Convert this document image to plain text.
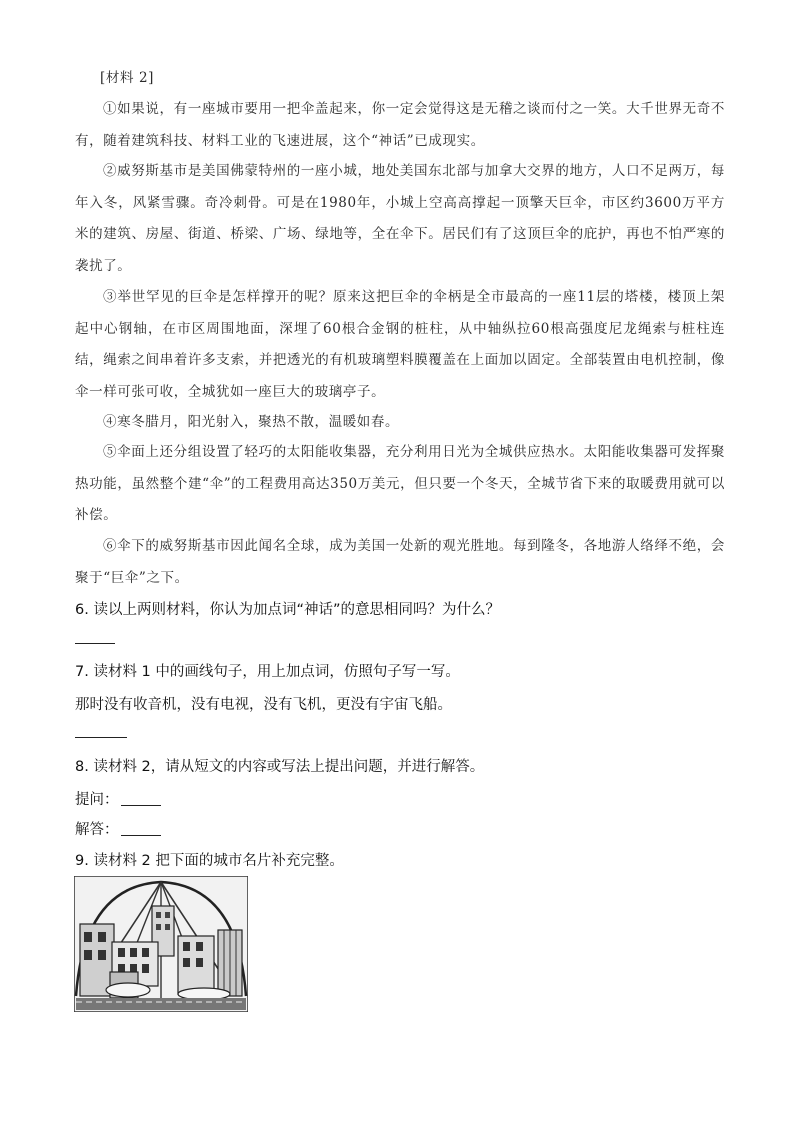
[材料 2]

①如果说，有一座城市要用一把伞盖起来，你一定会觉得这是无稽之谈而付之一笑。大千世界无奇不有，随着建筑科技、材料工业的飞速进展，这个“神话”已成现实。

②威努斯基市是美国佛蒙特州的一座小城，地处美国东北部与加拿大交界的地方，人口不足两万，每年入冬，风紧雪骤。奇冷刺骨。可是在1980年，小城上空高高撑起一顶擎天巨伞，市区约3600万平方米的建筑、房屋、街道、桥梁、广场、绿地等，全在伞下。居民们有了这顶巨伞的庇护，再也不怕严寒的袭扰了。

③举世罕见的巨伞是怎样撑开的呢？原来这把巨伞的伞柄是全市最高的一座11层的塔楼，楼顶上架起中心钢轴，在市区周围地面，深埋了60根合金钢的桩柱，从中轴纵拉60根高强度尼龙绳索与桩柱连结，绳索之间串着许多支索，并把透光的有机玻璃塑料膜覆盖在上面加以固定。全部装置由电机控制，像伞一样可张可收，全城犹如一座巨大的玻璃亭子。

④寒冬腊月，阳光射入，聚热不散，温暖如春。

⑤伞面上还分组设置了轻巧的太阳能收集器，充分利用日光为全城供应热水。太阳能收集器可发挥聚热功能，虽然整个建“伞”的工程费用高达350万美元，但只要一个冬天，全城节省下来的取暖费用就可以补偿。

⑥伞下的威努斯基市因此闻名全球，成为美国一处新的观光胜地。每到隆冬，各地游人络绎不绝，会聚于“巨伞”之下。

6. 读以上两则材料，你认为加点词“神话”的意思相同吗？为什么？
7. 读材料 1 中的画线句子，用上加点词，仿照句子写一写。
那时没有收音机，没有电视，没有飞机，更没有宇宙飞船。
8. 读材料 2，请从短文的内容或写法上提出问题，并进行解答。
提问：
解答：
9. 读材料 2 把下面的城市名片补充完整。
